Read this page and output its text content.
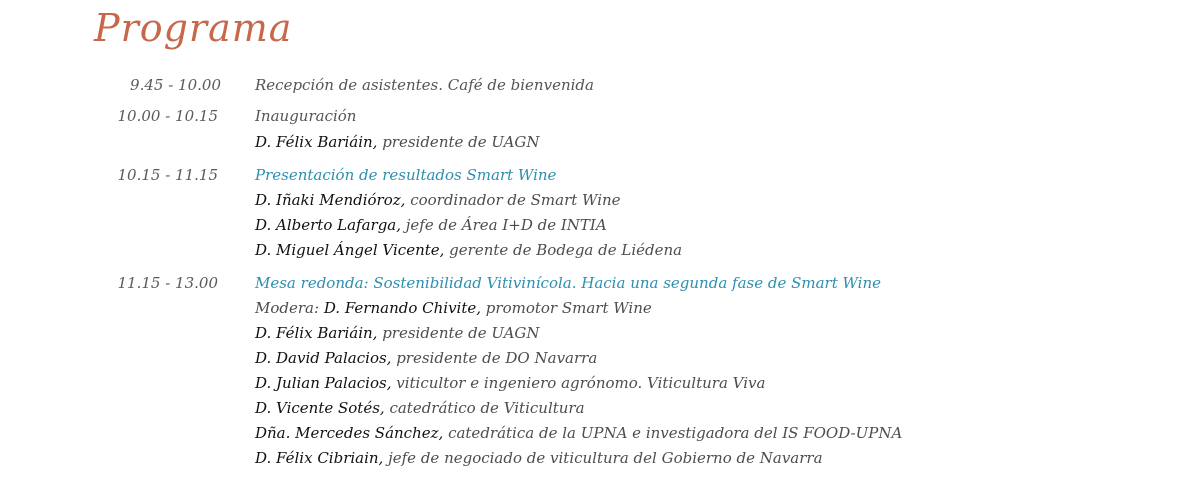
Programa
9.45 - 10.00 Recepción de asistentes. Café de bienvenida
10.00 - 10.15 Inauguración
D. Félix Bariáin, presidente de UAGN
10.15 - 11.15 Presentación de resultados Smart Wine
D. Iñaki Mendióroz, coordinador de Smart Wine
D. Alberto Lafarga, jefe de Área I+D de INTIA
D. Miguel Ángel Vicente, gerente de Bodega de Liédena
11.15 - 13.00 Mesa redonda: Sostenibilidad Vitivinícola. Hacia una segunda fase de Smart Wine
Modera: D. Fernando Chivite, promotor Smart Wine
D. Félix Bariáin, presidente de UAGN
D. David Palacios, presidente de DO Navarra
D. Julian Palacios, viticultor e ingeniero agrónomo. Viticultura Viva
D. Vicente Sotés, catedrático de Viticultura
Dña. Mercedes Sánchez, catedrática de la UPNA e investigadora del IS FOOD-UPNA
D. Félix Cibriain, jefe de negociado de viticultura del Gobierno de Navarra
